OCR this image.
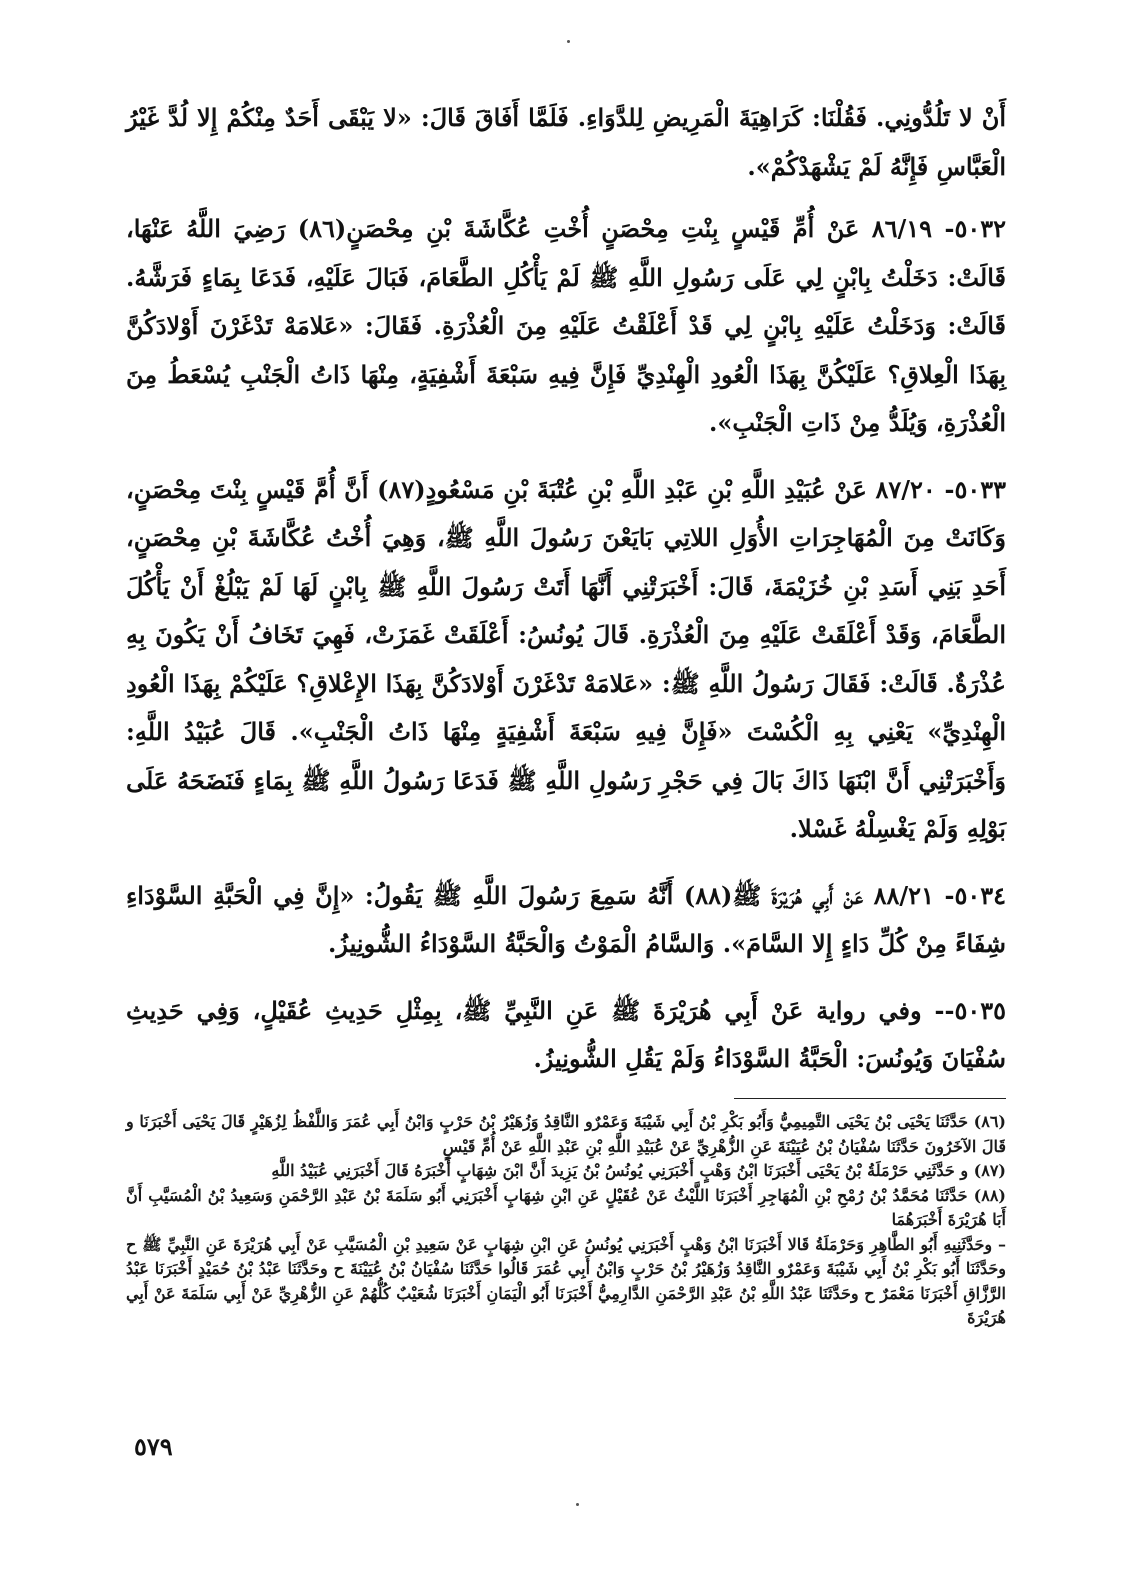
أَنْ لا تَلُدُّونِي. فَقُلْنَا: كَرَاهِيَةَ الْمَرِيضِ لِلدَّوَاءِ. فَلَمَّا أَفَاقَ قَالَ: «لا يَبْقَى أَحَدٌ مِنْكُمْ إِلا لُدَّ غَيْرُ الْعَبَّاسِ فَإِنَّهُ لَمْ يَشْهَدْكُمْ».

٥٠٣٢- ٨٦/١٩ عَنْ أُمِّ قَيْسٍ بِنْتِ مِحْصَنٍ أُخْتِ عُكَّاشَةَ بْنِ مِحْصَنٍ(٨٦) رَضِيَ اللَّهُ عَنْهَا، قَالَتْ: دَخَلْتُ بِابْنٍ لِي عَلَى رَسُولِ اللَّهِ ﷺ لَمْ يَأْكُلِ الطَّعَامَ، فَبَالَ عَلَيْهِ، فَدَعَا بِمَاءٍ فَرَشَّهُ. قَالَتْ: وَدَخَلْتُ عَلَيْهِ بِابْنٍ لِي قَدْ أَعْلَقْتُ عَلَيْهِ مِنَ الْعُذْرَةِ. فَقَالَ: «عَلامَهْ تَدْغَرْنَ أَوْلادَكُنَّ بِهَذَا الْعِلاقِ؟ عَلَيْكُنَّ بِهَذَا الْعُودِ الْهِنْدِيِّ فَإِنَّ فِيهِ سَبْعَةَ أَشْفِيَةٍ، مِنْهَا ذَاتُ الْجَنْبِ يُسْعَطُ مِنَ الْعُذْرَةِ، وَيُلَدُّ مِنْ ذَاتِ الْجَنْبِ».

٥٠٣٣- ٨٧/٢٠ عَنْ عُبَيْدِ اللَّهِ بْنِ عَبْدِ اللَّهِ بْنِ عُتْبَةَ بْنِ مَسْعُودٍ(٨٧) أَنَّ أُمَّ قَيْسٍ بِنْتَ مِحْصَنٍ، وَكَانَتْ مِنَ الْمُهَاجِرَاتِ الأُوَلِ اللاتِي بَايَعْنَ رَسُولَ اللَّهِ ﷺ، وَهِيَ أُخْتُ عُكَّاشَةَ بْنِ مِحْصَنٍ، أَحَدِ بَنِي أَسَدِ بْنِ خُزَيْمَةَ، قَالَ: أَخْبَرَتْنِي أَنَّهَا أَتَتْ رَسُولَ اللَّهِ ﷺ بِابْنٍ لَهَا لَمْ يَبْلُغْ أَنْ يَأْكُلَ الطَّعَامَ، وَقَدْ أَعْلَقَتْ عَلَيْهِ مِنَ الْعُذْرَةِ. قَالَ يُونُسُ: أَعْلَقَتْ غَمَزَتْ، فَهِيَ تَخَافُ أَنْ يَكُونَ بِهِ عُذْرَةٌ. قَالَتْ: فَقَالَ رَسُولُ اللَّهِ ﷺ: «عَلامَهْ تَدْغَرْنَ أَوْلادَكُنَّ بِهَذَا الإِعْلاقِ؟ عَلَيْكُمْ بِهَذَا الْعُودِ الْهِنْدِيِّ» يَعْنِي بِهِ الْكُسْتَ «فَإِنَّ فِيهِ سَبْعَةَ أَشْفِيَةٍ مِنْهَا ذَاتُ الْجَنْبِ». قَالَ عُبَيْدُ اللَّهِ: وَأَخْبَرَتْنِي أَنَّ ابْنَهَا ذَاكَ بَالَ فِي حَجْرِ رَسُولِ اللَّهِ ﷺ فَدَعَا رَسُولُ اللَّهِ ﷺ بِمَاءٍ فَنَضَحَهُ عَلَى بَوْلِهِ وَلَمْ يَغْسِلْهُ غَسْلا.

٥٠٣٤- ٨٨/٢١ عَنْ أَبِي هُرَيْرَةَ ﷺ(٨٨) أَنَّهُ سَمِعَ رَسُولَ اللَّهِ ﷺ يَقُولُ: «إِنَّ فِي الْحَبَّةِ السَّوْدَاءِ شِفَاءً مِنْ كُلِّ دَاءٍ إِلا السَّامَ». وَالسَّامُ الْمَوْتُ وَالْحَبَّةُ السَّوْدَاءُ الشُّونِيزُ.

٥٠٣٥-- وفي رواية عَنْ أَبِي هُرَيْرَةَ ﷺ عَنِ النَّبِيِّ ﷺ، بِمِثْلِ حَدِيثِ عُقَيْلٍ، وَفِي حَدِيثِ سُفْيَانَ وَيُونُسَ: الْحَبَّةُ السَّوْدَاءُ وَلَمْ يَقُلِ الشُّونِيزُ.

(٨٦) حَدَّثَنَا يَحْيَى بْنُ يَحْيَى التَّمِيمِيُّ وَأَبُو بَكْرِ بْنُ أَبِي شَيْبَةَ وَعَمْرٌو النَّاقِدُ وَزُهَيْرُ بْنُ حَرْبٍ وَابْنُ أَبِي عُمَرَ وَاللَّفْظُ لِزُهَيْرٍ قَالَ يَحْيَى أَخْبَرَنَا و قَالَ الآخَرُونَ حَدَّثَنَا سُفْيَانُ بْنُ عُيَيْنَةَ عَنِ الزُّهْرِيِّ عَنْ عُبَيْدِ اللَّهِ بْنِ عَبْدِ اللَّهِ عَنْ أُمِّ قَيْسٍ

(٨٧) و حَدَّثَنِي حَرْمَلَةُ بْنُ يَحْيَى أَخْبَرَنَا ابْنُ وَهْبٍ أَخْبَرَنِي يُونُسُ بْنُ يَزِيدَ أَنَّ ابْنَ شِهَابٍ أَخْبَرَهُ قَالَ أَخْبَرَنِي عُبَيْدُ اللَّهِ

(٨٨) حَدَّثَنَا مُحَمَّدُ بْنُ رُمْحِ بْنِ الْمُهَاجِرِ أَخْبَرَنَا اللَّيْثُ عَنْ عُقَيْلٍ عَنِ ابْنِ شِهَابٍ أَخْبَرَنِي أَبُو سَلَمَةَ بْنُ عَبْدِ الرَّحْمَنِ وَسَعِيدُ بْنُ الْمُسَيَّبِ أَنَّ أَبَا هُرَيْرَةَ أَخْبَرَهُمَا

– وحَدَّثَنِيهِ أَبُو الطَّاهِرِ وَحَرْمَلَةُ قَالا أَخْبَرَنَا ابْنُ وَهْبٍ أَخْبَرَنِي يُونُسُ عَنِ ابْنِ شِهَابٍ عَنْ سَعِيدِ بْنِ الْمُسَيَّبِ عَنْ أَبِي هُرَيْرَةَ عَنِ النَّبِيِّ ﷺ ح وحَدَّثَنَا أَبُو بَكْرِ بْنُ أَبِي شَيْبَةَ وَعَمْرٌو النَّاقِدُ وَزُهَيْرُ بْنُ حَرْبٍ وَابْنُ أَبِي عُمَرَ قَالُوا حَدَّثَنَا سُفْيَانُ بْنُ عُيَيْنَةَ ح وحَدَّثَنَا عَبْدُ بْنُ حُمَيْدٍ أَخْبَرَنَا عَبْدُ الرَّزَّاقِ أَخْبَرَنَا مَعْمَرٌ ح وحَدَّثَنَا عَبْدُ اللَّهِ بْنُ عَبْدِ الرَّحْمَنِ الدَّارِمِيُّ أَخْبَرَنَا أَبُو الْيَمَانِ أَخْبَرَنَا شُعَيْبٌ كُلُّهُمْ عَنِ الزُّهْرِيِّ عَنْ أَبِي سَلَمَةَ عَنْ أَبِي هُرَيْرَةَ

٥٧٩
